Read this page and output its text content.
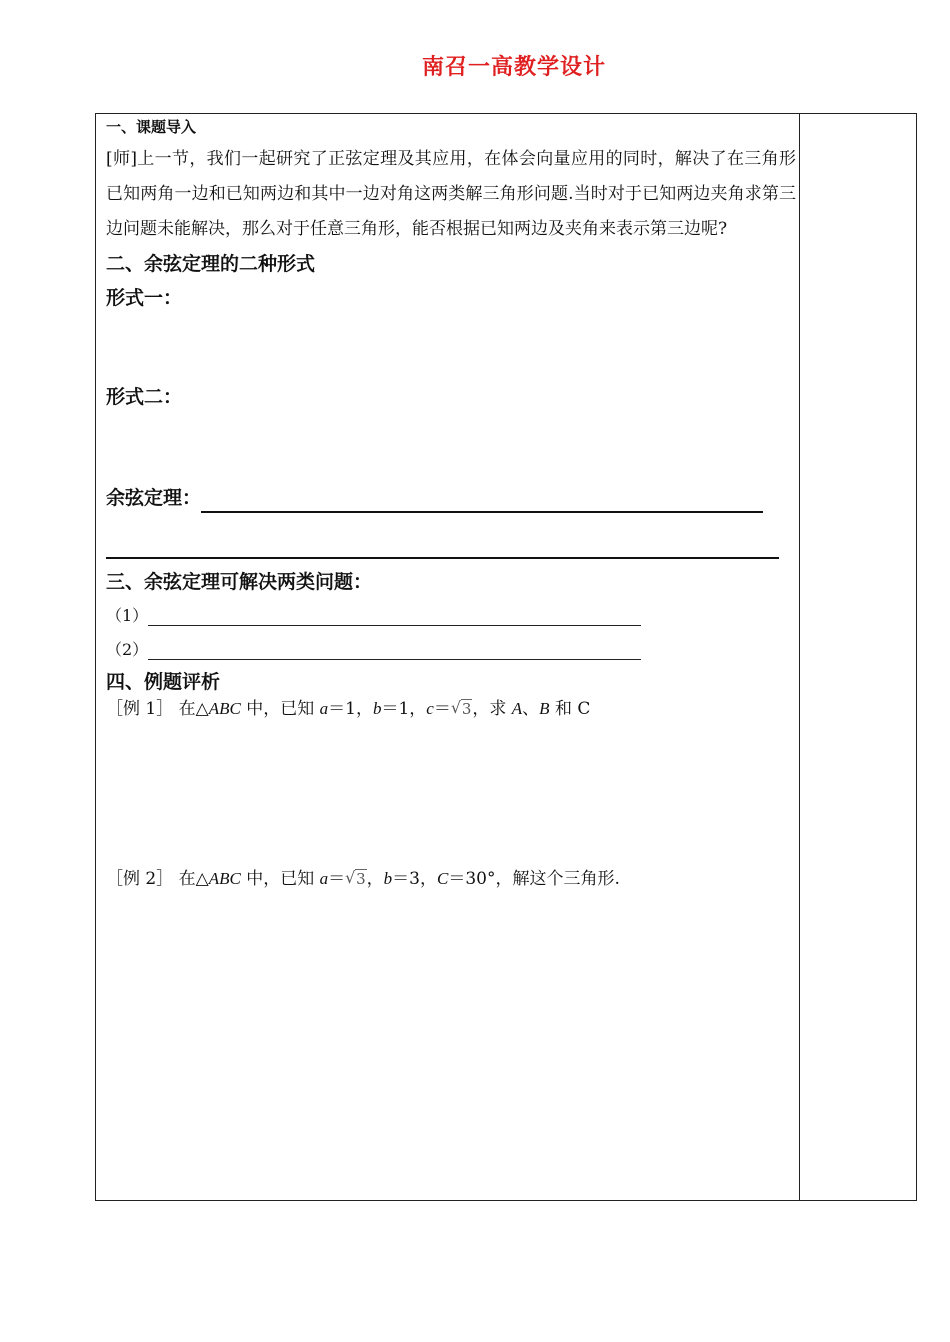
南召一高教学设计
一、课题导入
[师]上一节，我们一起研究了正弦定理及其应用，在体会向量应用的同时，解决了在三角形已知两角一边和已知两边和其中一边对角这两类解三角形问题.当时对于已知两边夹角求第三边问题未能解决，那么对于任意三角形，能否根据已知两边及夹角来表示第三边呢?
二、余弦定理的二种形式
形式一：
形式二：
余弦定理：
三、余弦定理可解决两类问题：
（1）
（2）
四、例题评析
［例 1］ 在△ABC 中，已知 a＝1，b＝1，c＝ √ 3，求 A、B 和 C
［例 2］ 在△ABC 中，已知 a＝ √ 3，b＝3，C＝30°，解这个三角形.
